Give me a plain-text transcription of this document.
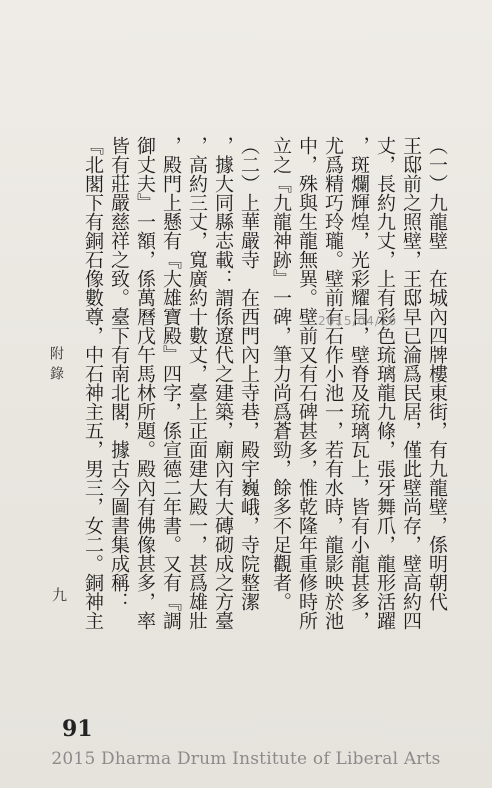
（一）九龍壁　在城內四牌樓東街，有九龍壁，係明朝代
王邸前之照壁，王邸早已淪爲民居，僅此壁尚存，壁高約四
丈，長約九丈，上有彩色琉璃龍九條，張牙舞爪，龍形活躍
，斑爛輝煌，光彩耀目，壁脊及琉璃瓦上，皆有小龍甚多，
尤爲精巧玲瓏。壁前有石作小池一，若有水時，龍影映於池
中，殊與生龍無異。壁前又有石碑甚多，惟乾隆年重修時所
立之『九龍神跡』一碑，筆力尚爲蒼勁，餘多不足觀者。
（二）上華嚴寺　在西門內上寺巷，殿宇巍峨，寺院整潔
，據大同縣志載：謂係遼代之建築，廟內有大磚砌成之方臺
，高約三丈，寬廣約十數丈，臺上正面建大殿一，甚爲雄壯
，殿門上懸有『大雄寶殿』四字，係宣德二年書。又有『調
御丈夫』一額，係萬曆戊午馬林所題。殿內有佛像甚多，率
皆有莊嚴慈祥之致。臺下有南北閣，據古今圖書集成稱：
『北閣下有銅石像數尊，中石神主五，男三，女二。銅神主
附錄
九
91
2015/04/16
2015 Dharma Drum Institute of Liberal Arts
